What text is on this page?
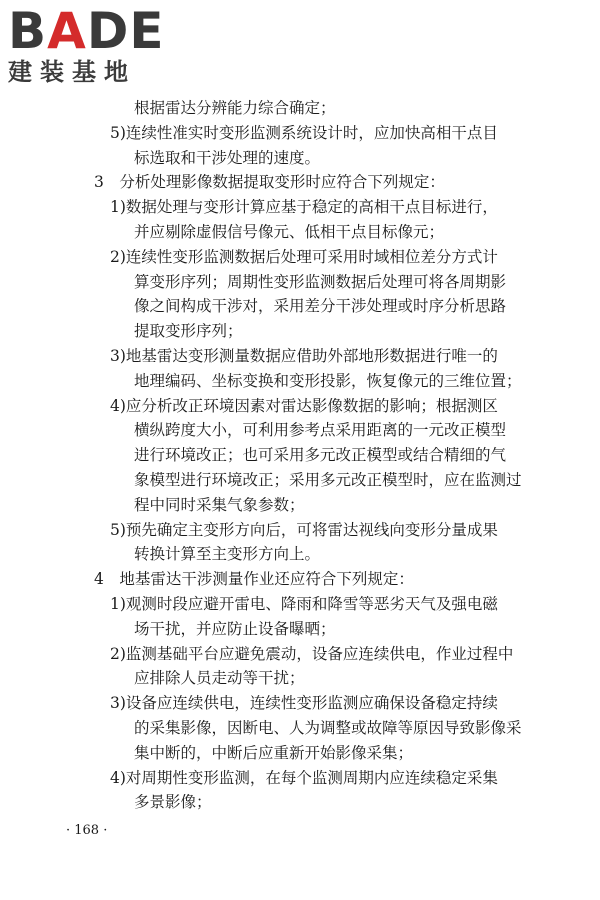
BADE
建装基地
根据雷达分辨能力综合确定；
5)连续性准实时变形监测系统设计时，应加快高相干点目
标选取和干涉处理的速度。
3　分析处理影像数据提取变形时应符合下列规定：
1)数据处理与变形计算应基于稳定的高相干点目标进行，
并应剔除虚假信号像元、低相干点目标像元；
2)连续性变形监测数据后处理可采用时域相位差分方式计
算变形序列；周期性变形监测数据后处理可将各周期影
像之间构成干涉对，采用差分干涉处理或时序分析思路
提取变形序列；
3)地基雷达变形测量数据应借助外部地形数据进行唯一的
地理编码、坐标变换和变形投影，恢复像元的三维位置；
4)应分析改正环境因素对雷达影像数据的影响；根据测区
横纵跨度大小，可利用参考点采用距离的一元改正模型
进行环境改正；也可采用多元改正模型或结合精细的气
象模型进行环境改正；采用多元改正模型时，应在监测过
程中同时采集气象参数；
5)预先确定主变形方向后，可将雷达视线向变形分量成果
转换计算至主变形方向上。
4　地基雷达干涉测量作业还应符合下列规定：
1)观测时段应避开雷电、降雨和降雪等恶劣天气及强电磁
场干扰，并应防止设备曝晒；
2)监测基础平台应避免震动，设备应连续供电，作业过程中
应排除人员走动等干扰；
3)设备应连续供电，连续性变形监测应确保设备稳定持续
的采集影像，因断电、人为调整或故障等原因导致影像采
集中断的，中断后应重新开始影像采集；
4)对周期性变形监测，在每个监测周期内应连续稳定采集
多景影像；
· 168 ·
